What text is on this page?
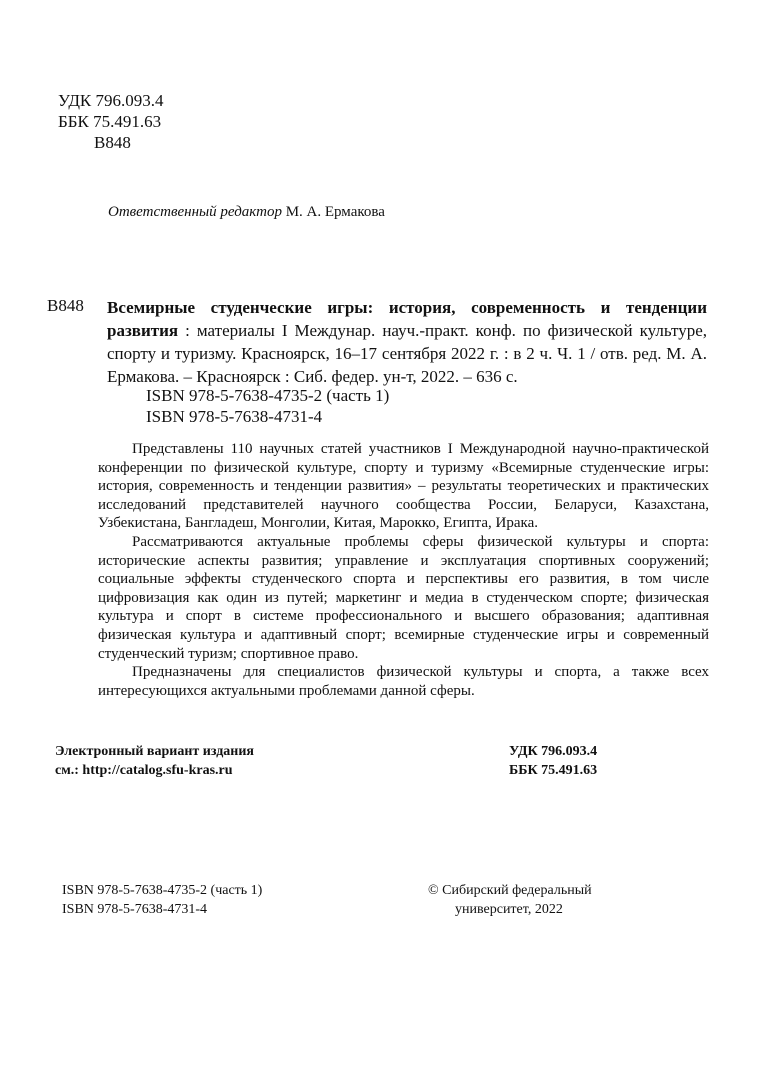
УДК 796.093.4
ББК 75.491.63
В848
Ответственный редактор М. А. Ермакова
В848 Всемирные студенческие игры: история, современность и тенденции развития : материалы I Междунар. науч.-практ. конф. по физической культуре, спорту и туризму. Красноярск, 16–17 сентября 2022 г. : в 2 ч. Ч. 1 / отв. ред. М. А. Ермакова. – Красноярск : Сиб. федер. ун-т, 2022. – 636 с.

ISBN 978-5-7638-4735-2 (часть 1)
ISBN 978-5-7638-4731-4

Представлены 110 научных статей участников I Международной научно-практической конференции по физической культуре, спорту и туризму «Всемирные студенческие игры: история, современность и тенденции развития» – результаты теоретических и практических исследований представителей научного сообщества России, Беларуси, Казахстана, Узбекистана, Бангладеш, Монголии, Китая, Марокко, Египта, Ирака.

Рассматриваются актуальные проблемы сферы физической культуры и спорта: исторические аспекты развития; управление и эксплуатация спортивных сооружений; социальные эффекты студенческого спорта и перспективы его развития, в том числе цифровизация как один из путей; маркетинг и медиа в студенческом спорте; физическая культура и спорт в системе профессионального и высшего образования; адаптивная физическая культура и адаптивный спорт; всемирные студенческие игры и современный студенческий туризм; спортивное право.

Предназначены для специалистов физической культуры и спорта, а также всех интересующихся актуальными проблемами данной сферы.

Электронный вариант издания
см.: http://catalog.sfu-kras.ru
УДК 796.093.4
ББК 75.491.63
ISBN 978-5-7638-4735-2 (часть 1)
ISBN 978-5-7638-4731-4
© Сибирский федеральный
университет, 2022
